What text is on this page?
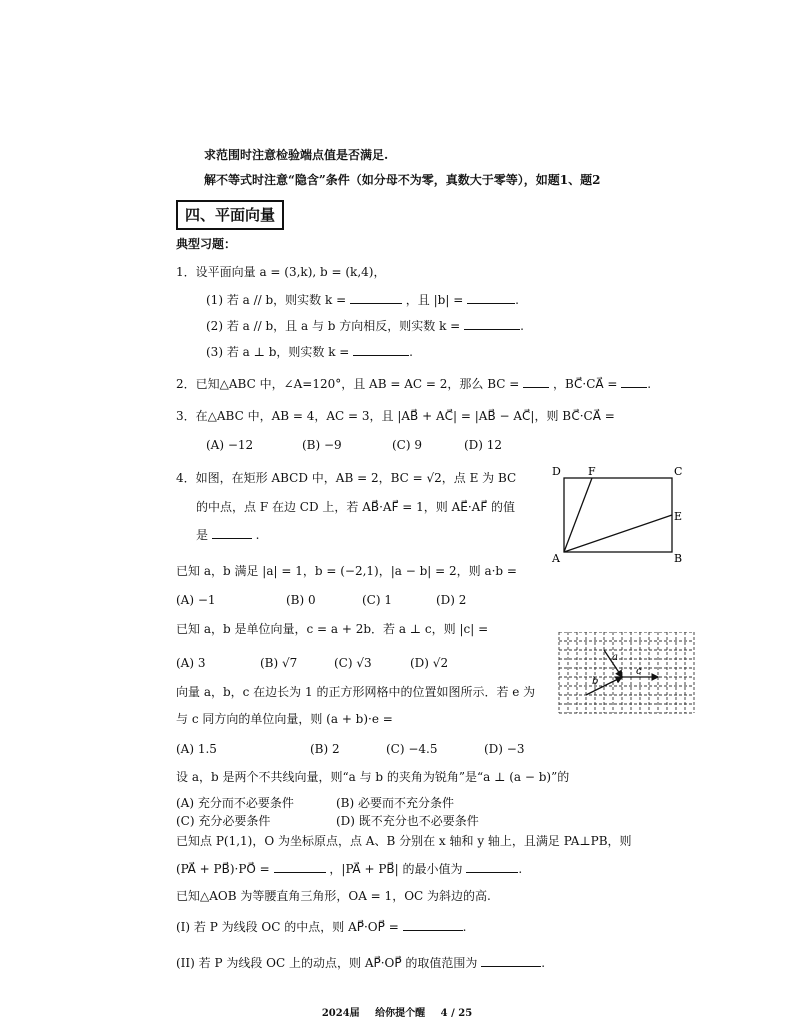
求范围时注意检验端点值是否满足.
解不等式时注意“隐含”条件（如分母不为零，真数大于零等），如题1、题2
四、平面向量
典型习题：
1．设平面向量 a = (3,k), b = (k,4)，
(1) 若 a // b，则实数 k =	，且 |b| =	.
(2) 若 a // b，且 a 与 b 方向相反，则实数 k =	.
(3) 若 a ⊥ b，则实数 k =	.
2．已知△ABC 中，∠A=120°，且 AB = AC = 2，那么 BC =	，BC⃗·CA⃗ = .
3．在△ABC 中，AB = 4，AC = 3，且 |AB⃗ + AC⃗| = |AB⃗ − AC⃗|，则 BC⃗·CA⃗ =
(A) −12	(B) −9	(C) 9	(D) 12
4．如图，在矩形 ABCD 中，AB = 2，BC = √2，点 E 为 BC
的中点，点 F 在边 CD 上，若 AB⃗·AF⃗ = 1，则 AE⃗·AF⃗ 的值
是	.
D F	C
E
A	B
已知 a，b 满足 |a| = 1，b = (−2,1)，|a − b| = 2，则 a·b =
(A) −1	(B) 0	(C) 1	(D) 2
已知 a，b 是单位向量，c = a + 2b．若 a ⊥ c，则 |c| =
(A) 3	(B) √7	(C) √3	(D) √2	a
c
b
向量 a，b，c 在边长为 1 的正方形网格中的位置如图所示．若 e 为
与 c 同方向的单位向量，则 (a + b)·e =
(A) 1.5	(B) 2	(C) −4.5	(D) −3
设 a，b 是两个不共线向量，则“a 与 b 的夹角为锐角”是“a ⊥ (a − b)”的
(A) 充分而不必要条件	(B) 必要而不充分条件
(C) 充分必要条件	(D) 既不充分也不必要条件
已知点 P(1,1)，O 为坐标原点，点 A、B 分别在 x 轴和 y 轴上，且满足 PA⊥PB，则
(PA⃗ + PB⃗)·PO⃗ =	，|PA⃗ + PB⃗| 的最小值为	.
已知△AOB 为等腰直角三角形，OA = 1，OC 为斜边的高.
(I) 若 P 为线段 OC 的中点，则 AP⃗·OP⃗ =	.
(II) 若 P 为线段 OC 上的动点，则 AP⃗·OP⃗ 的取值范围为	.
2024届 给你提个醒 4 / 25
